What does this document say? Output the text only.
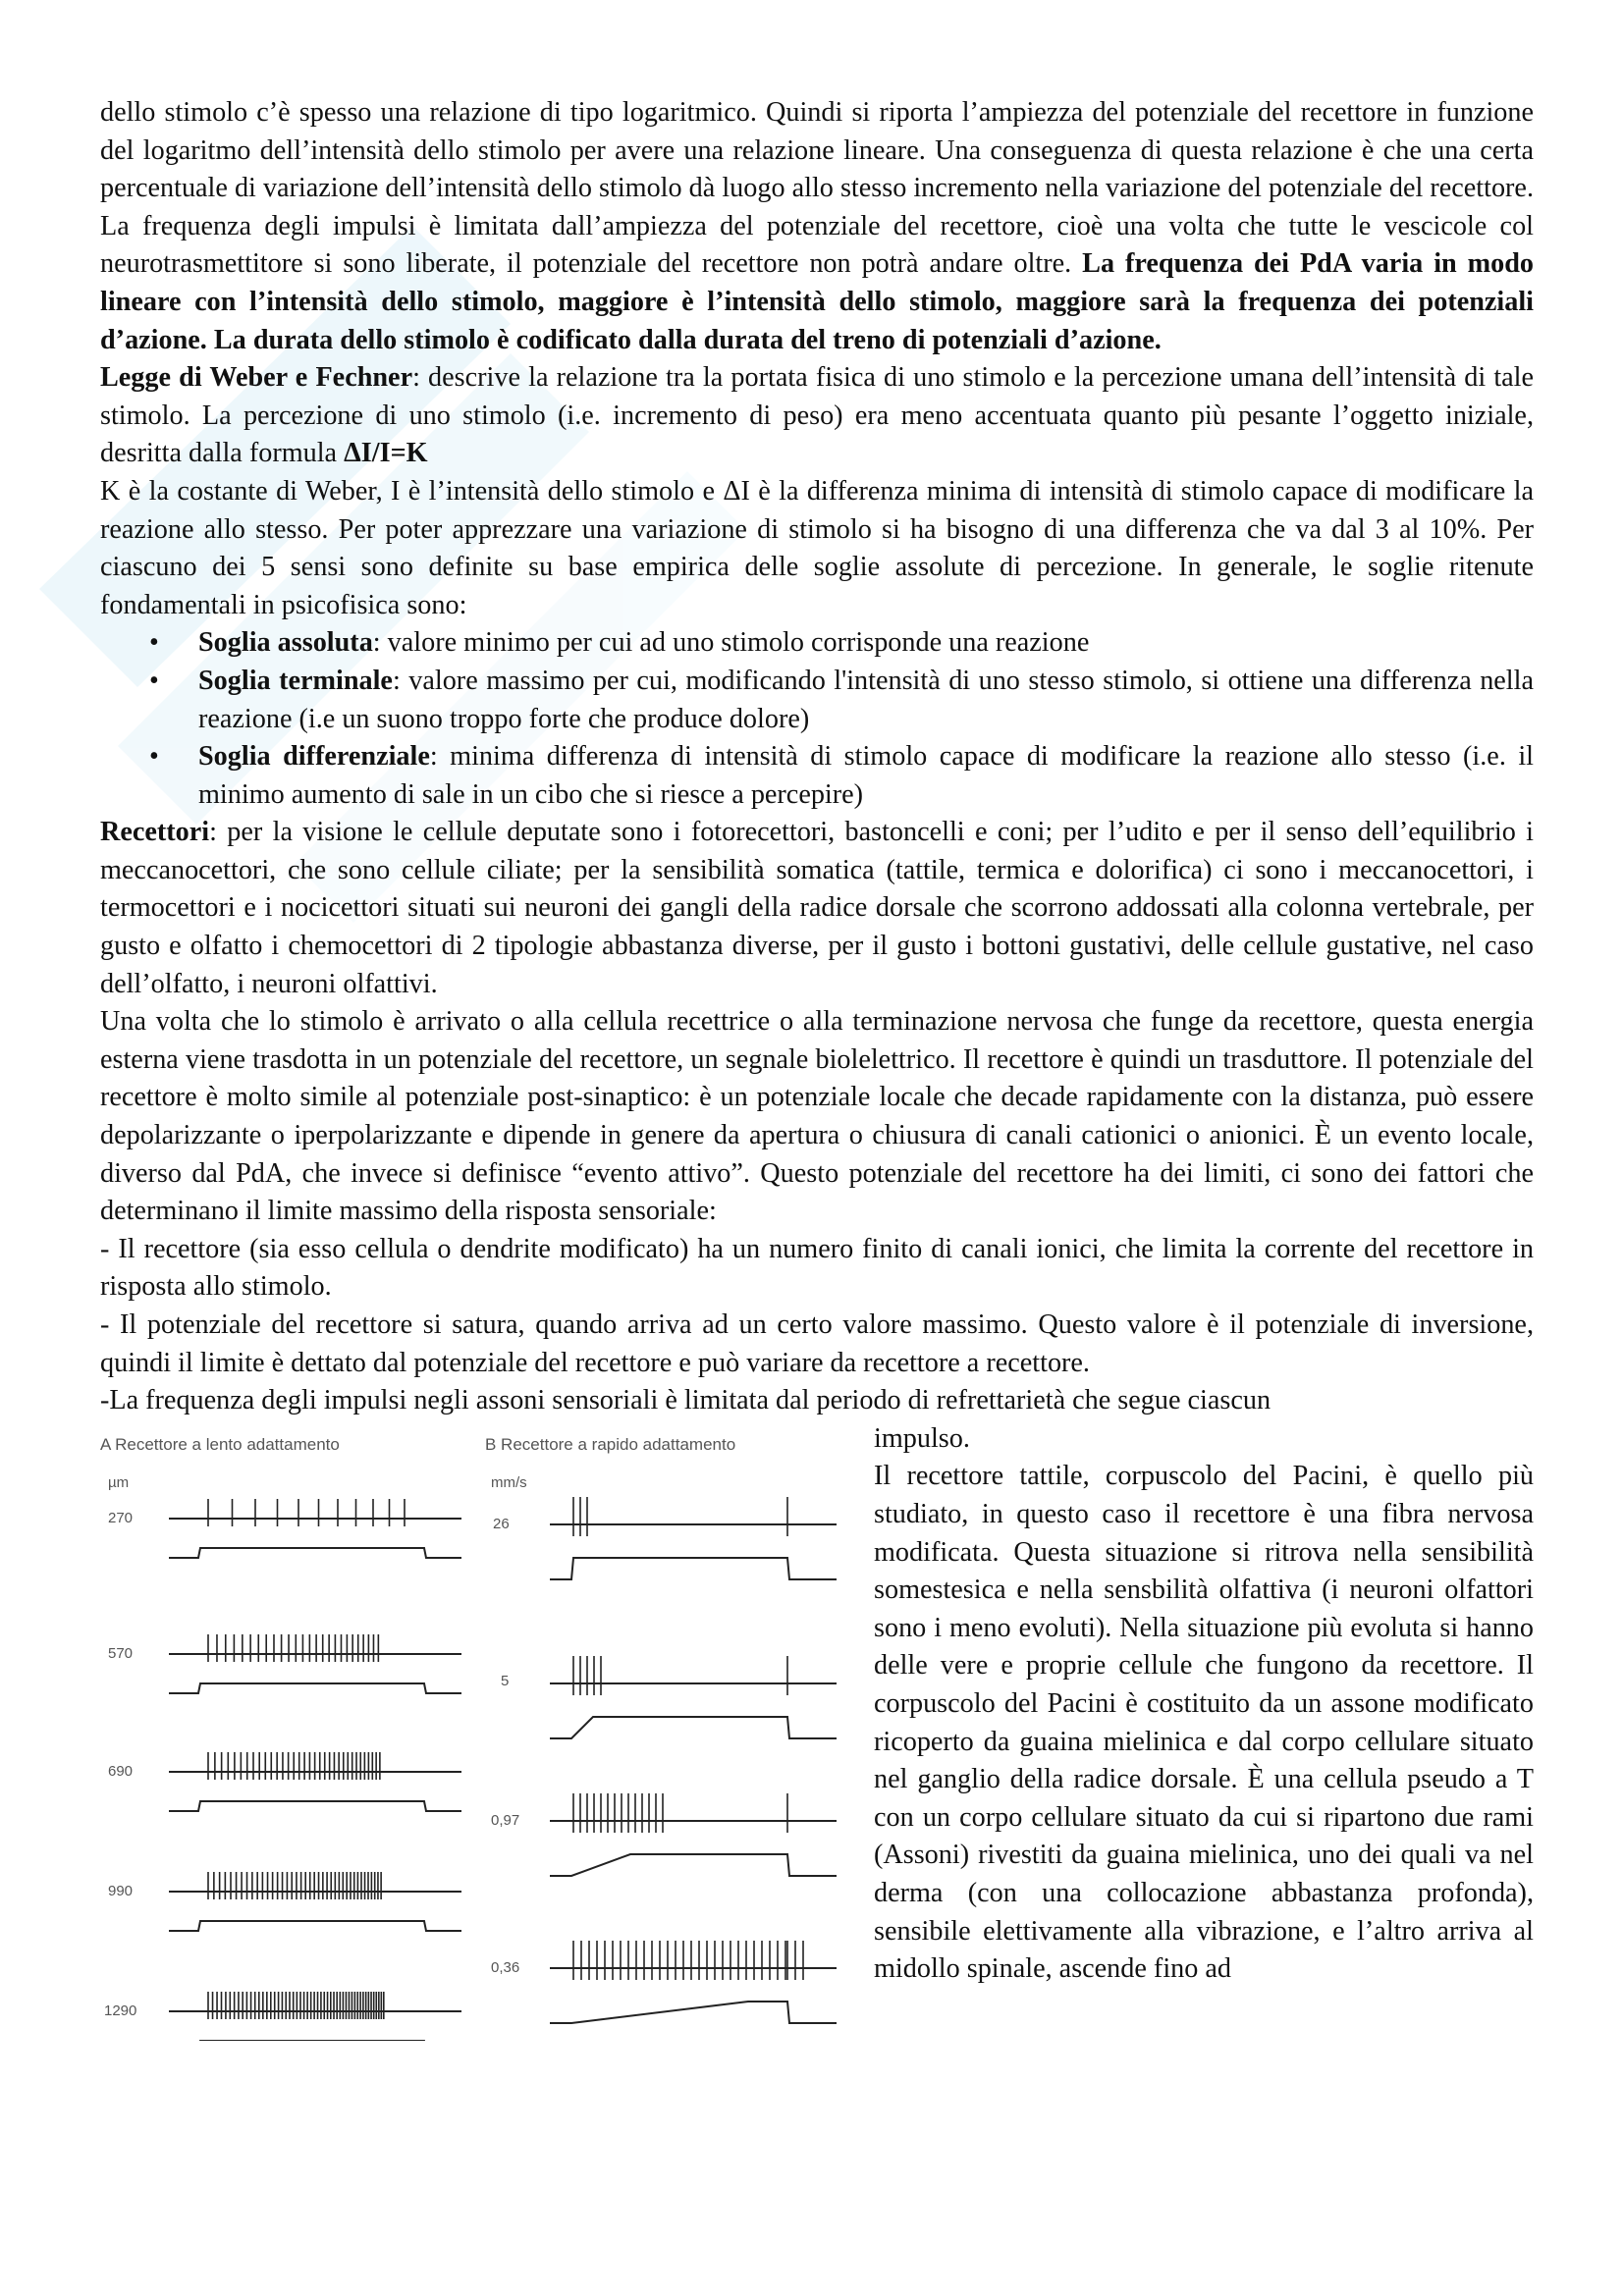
dello stimolo c’è spesso una relazione di tipo logaritmico. Quindi si riporta l’ampiezza del potenziale del recettore in funzione del logaritmo dell’intensità dello stimolo per avere una relazione lineare. Una conseguenza di questa relazione è che una certa percentuale di variazione dell’intensità dello stimolo dà luogo allo stesso incremento nella variazione del potenziale del recettore. La frequenza degli impulsi è limitata dall’ampiezza del potenziale del recettore, cioè una volta che tutte le vescicole col neurotrasmettitore si sono liberate, il potenziale del recettore non potrà andare oltre. La frequenza dei PdA varia in modo lineare con l’intensità dello stimolo, maggiore è l’intensità dello stimolo, maggiore sarà la frequenza dei potenziali d’azione. La durata dello stimolo è codificato dalla durata del treno di potenziali d’azione.

Legge di Weber e Fechner: descrive la relazione tra la portata fisica di uno stimolo e la percezione umana dell’intensità di tale stimolo. La percezione di uno stimolo (i.e. incremento di peso) era meno accentuata quanto più pesante l’oggetto iniziale, desritta dalla formula ΔI/I=K

K è la costante di Weber, I è l’intensità dello stimolo e ΔI è la differenza minima di intensità di stimolo capace di modificare la reazione allo stesso. Per poter apprezzare una variazione di stimolo si ha bisogno di una differenza che va dal 3 al 10%. Per ciascuno dei 5 sensi sono definite su base empirica delle soglie assolute di percezione. In generale, le soglie ritenute fondamentali in psicofisica sono:

• Soglia assoluta: valore minimo per cui ad uno stimolo corrisponde una reazione
• Soglia terminale: valore massimo per cui, modificando l'intensità di uno stesso stimolo, si ottiene una differenza nella reazione (i.e un suono troppo forte che produce dolore)
• Soglia differenziale: minima differenza di intensità di stimolo capace di modificare la reazione allo stesso (i.e. il minimo aumento di sale in un cibo che si riesce a percepire)

Recettori: per la visione le cellule deputate sono i fotorecettori, bastoncelli e coni; per l’udito e per il senso dell’equilibrio i meccanocettori, che sono cellule ciliate; per la sensibilità somatica (tattile, termica e dolorifica) ci sono i meccanocettori, i termocettori e i nocicettori situati sui neuroni dei gangli della radice dorsale che scorrono addossati alla colonna vertebrale, per gusto e olfatto i chemocettori di 2 tipologie abbastanza diverse, per il gusto i bottoni gustativi, delle cellule gustative, nel caso dell’olfatto, i neuroni olfattivi.

Una volta che lo stimolo è arrivato o alla cellula recettrice o alla terminazione nervosa che funge da recettore, questa energia esterna viene trasdotta in un potenziale del recettore, un segnale biolelettrico. Il recettore è quindi un trasduttore. Il potenziale del recettore è molto simile al potenziale post-sinaptico: è un potenziale locale che decade rapidamente con la distanza, può essere depolarizzante o iperpolarizzante e dipende in genere da apertura o chiusura di canali cationici o anionici. È un evento locale, diverso dal PdA, che invece si definisce “evento attivo”. Questo potenziale del recettore ha dei limiti, ci sono dei fattori che determinano il limite massimo della risposta sensoriale:

- Il recettore (sia esso cellula o dendrite modificato) ha un numero finito di canali ionici, che limita la corrente del recettore in risposta allo stimolo.

- Il potenziale del recettore si satura, quando arriva ad un certo valore massimo. Questo valore è il potenziale di inversione, quindi il limite è dettato dal potenziale del recettore e può variare da recettore a recettore.

-La frequenza degli impulsi negli assoni sensoriali è limitata dal periodo di refrettarietà che segue ciascun

A Recettore a lento adattamento
µm
B Recettore a rapido adattamento
mm/s
270
570
690
990
1290
26
5
0,97
0,36

impulso.

Il recettore tattile, corpuscolo del Pacini, è quello più studiato, in questo caso il recettore è una fibra nervosa modificata. Questa situazione si ritrova nella sensibilità somestesica e nella sensbilità olfattiva (i neuroni olfattori sono i meno evoluti). Nella situazione più evoluta si hanno delle vere e proprie cellule che fungono da recettore. Il corpuscolo del Pacini è costituito da un assone modificato ricoperto da guaina mielinica e dal corpo cellulare situato nel ganglio della radice dorsale. È una cellula pseudo a T con un corpo cellulare situato da cui si ripartono due rami (Assoni) rivestiti da guaina mielinica, uno dei quali va nel derma (con una collocazione abbastanza profonda), sensibile elettivamente alla vibrazione, e l’altro arriva al midollo spinale, ascende fino ad
